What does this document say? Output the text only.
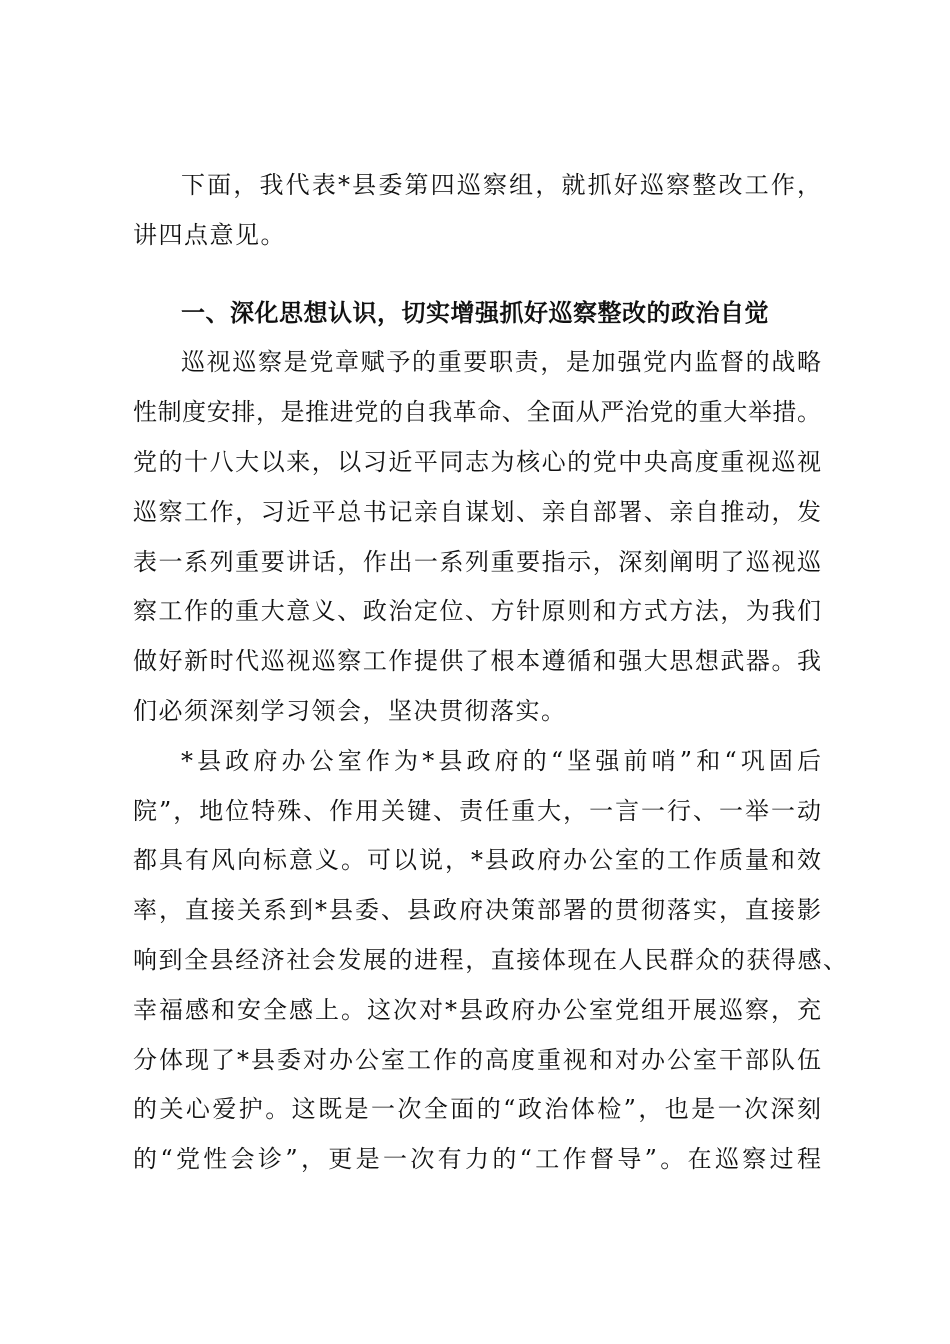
下面，我代表*县委第四巡察组，就抓好巡察整改工作，
讲四点意见。
一、深化思想认识，切实增强抓好巡察整改的政治自觉
巡视巡察是党章赋予的重要职责，是加强党内监督的战略
性制度安排，是推进党的自我革命、全面从严治党的重大举措。
党的十八大以来，以习近平同志为核心的党中央高度重视巡视
巡察工作，习近平总书记亲自谋划、亲自部署、亲自推动，发
表一系列重要讲话，作出一系列重要指示，深刻阐明了巡视巡
察工作的重大意义、政治定位、方针原则和方式方法，为我们
做好新时代巡视巡察工作提供了根本遵循和强大思想武器。我
们必须深刻学习领会，坚决贯彻落实。
*县政府办公室作为*县政府的“坚强前哨”和“巩固后
院”，地位特殊、作用关键、责任重大，一言一行、一举一动
都具有风向标意义。可以说，*县政府办公室的工作质量和效
率，直接关系到*县委、县政府决策部署的贯彻落实，直接影
响到全县经济社会发展的进程，直接体现在人民群众的获得感、
幸福感和安全感上。这次对*县政府办公室党组开展巡察，充
分体现了*县委对办公室工作的高度重视和对办公室干部队伍
的关心爱护。这既是一次全面的“政治体检”，也是一次深刻
的“党性会诊”，更是一次有力的“工作督导”。在巡察过程
